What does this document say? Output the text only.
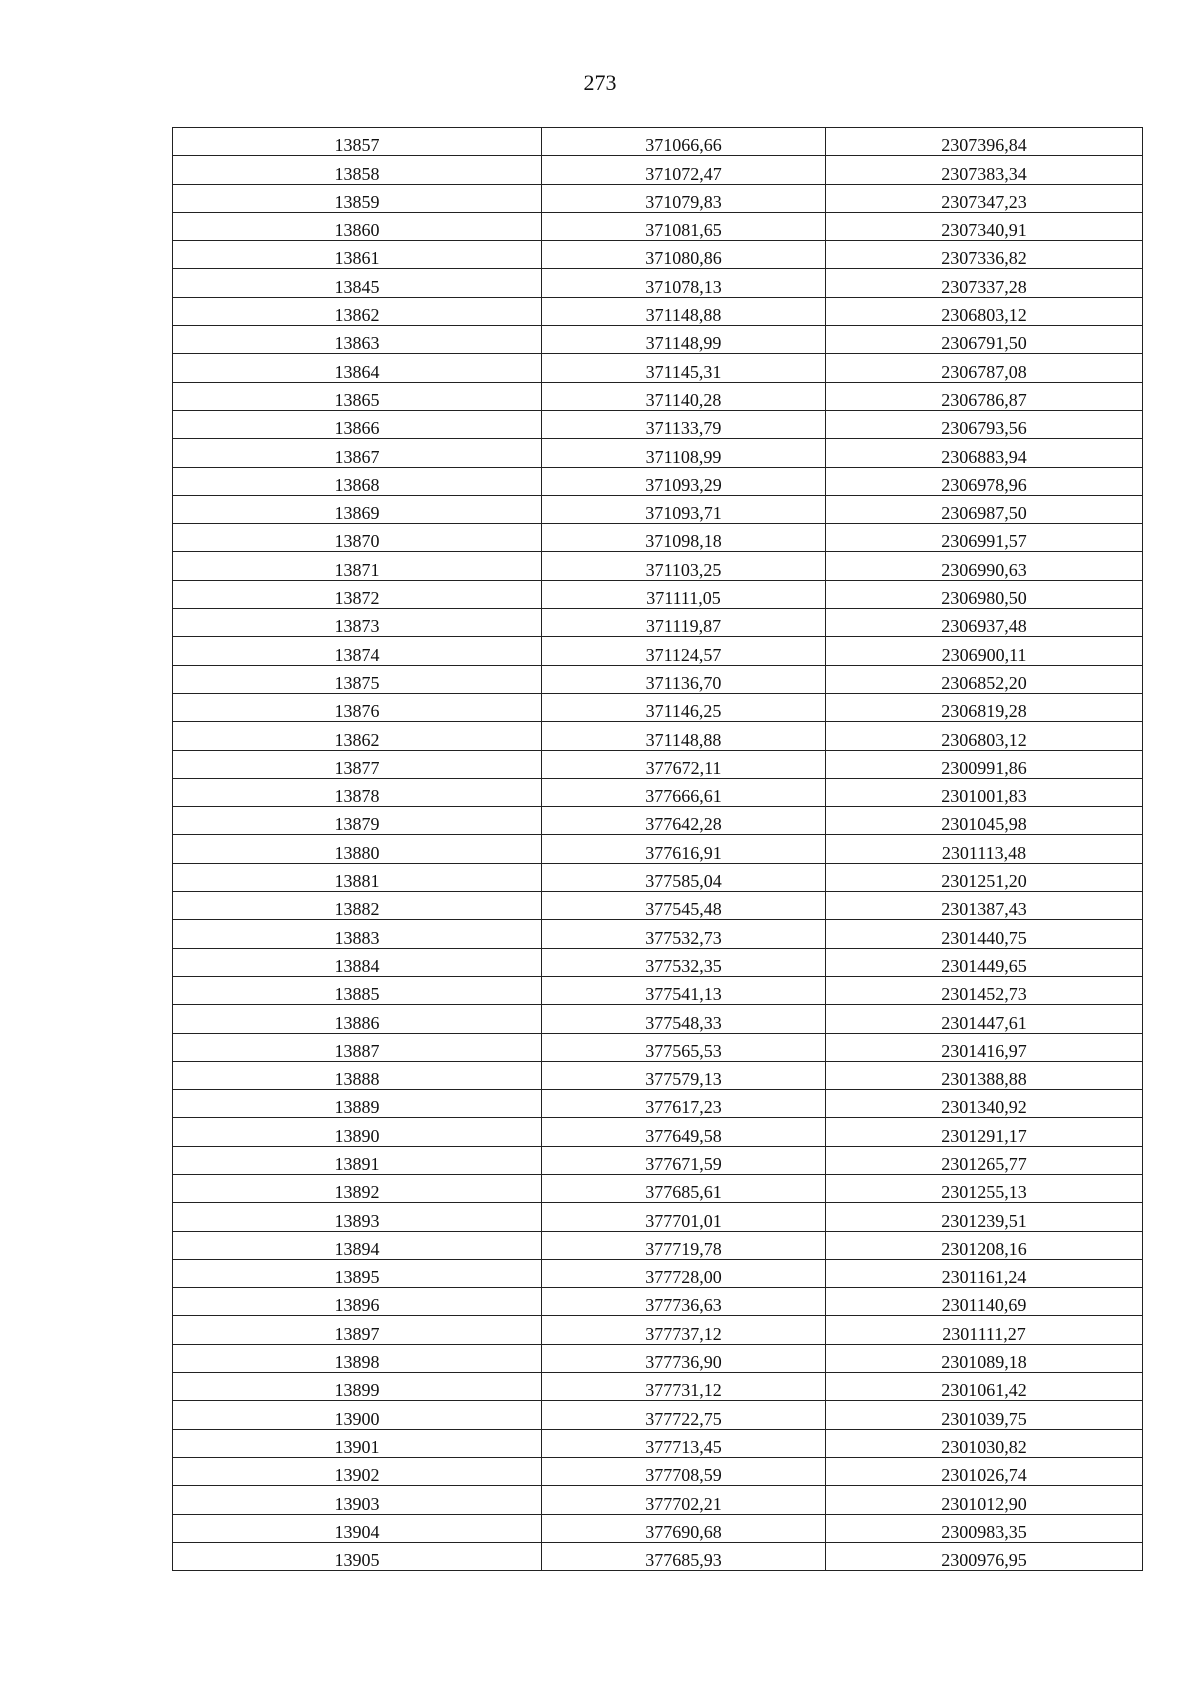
273
13857	371066,66	2307396,84
13858	371072,47	2307383,34
13859	371079,83	2307347,23
13860	371081,65	2307340,91
13861	371080,86	2307336,82
13845	371078,13	2307337,28
13862	371148,88	2306803,12
13863	371148,99	2306791,50
13864	371145,31	2306787,08
13865	371140,28	2306786,87
13866	371133,79	2306793,56
13867	371108,99	2306883,94
13868	371093,29	2306978,96
13869	371093,71	2306987,50
13870	371098,18	2306991,57
13871	371103,25	2306990,63
13872	371111,05	2306980,50
13873	371119,87	2306937,48
13874	371124,57	2306900,11
13875	371136,70	2306852,20
13876	371146,25	2306819,28
13862	371148,88	2306803,12
13877	377672,11	2300991,86
13878	377666,61	2301001,83
13879	377642,28	2301045,98
13880	377616,91	2301113,48
13881	377585,04	2301251,20
13882	377545,48	2301387,43
13883	377532,73	2301440,75
13884	377532,35	2301449,65
13885	377541,13	2301452,73
13886	377548,33	2301447,61
13887	377565,53	2301416,97
13888	377579,13	2301388,88
13889	377617,23	2301340,92
13890	377649,58	2301291,17
13891	377671,59	2301265,77
13892	377685,61	2301255,13
13893	377701,01	2301239,51
13894	377719,78	2301208,16
13895	377728,00	2301161,24
13896	377736,63	2301140,69
13897	377737,12	2301111,27
13898	377736,90	2301089,18
13899	377731,12	2301061,42
13900	377722,75	2301039,75
13901	377713,45	2301030,82
13902	377708,59	2301026,74
13903	377702,21	2301012,90
13904	377690,68	2300983,35
13905	377685,93	2300976,95
